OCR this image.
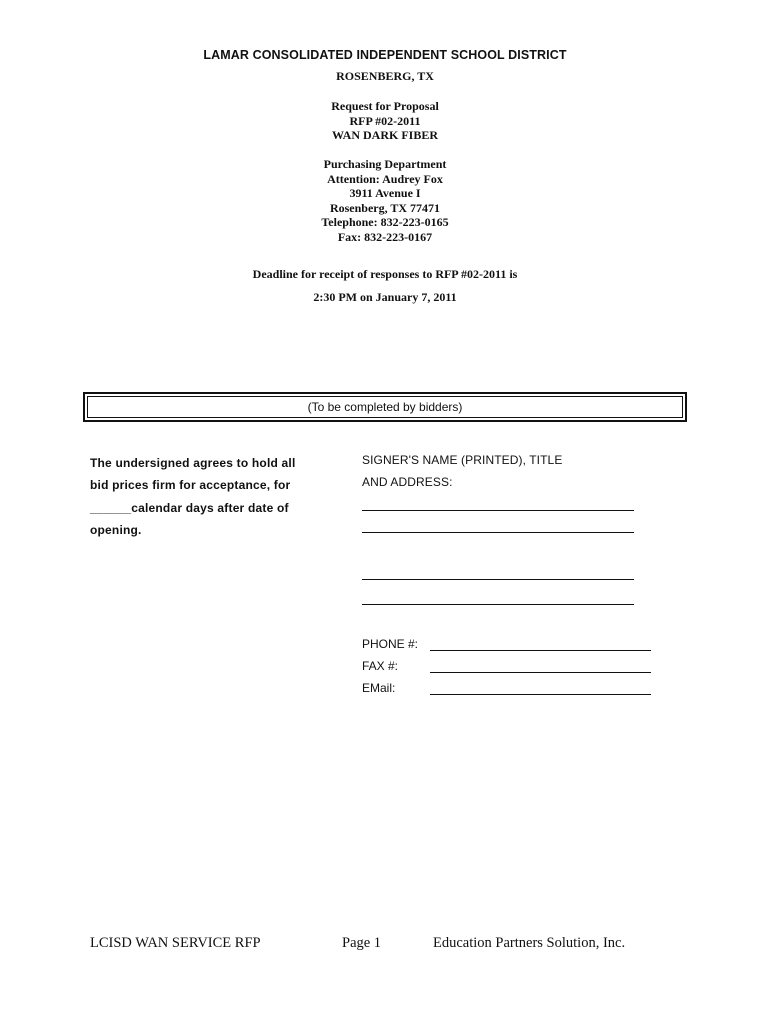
LAMAR CONSOLIDATED INDEPENDENT SCHOOL DISTRICT
ROSENBERG, TX
Request for Proposal
RFP #02-2011
WAN DARK FIBER
Purchasing Department
Attention: Audrey Fox
3911 Avenue I
Rosenberg, TX 77471
Telephone: 832-223-0165
Fax: 832-223-0167
Deadline for receipt of responses to RFP #02-2011 is
2:30 PM on January 7, 2011
(To be completed by bidders)
The undersigned agrees to hold all
bid prices firm for acceptance, for
______calendar days after date of
opening.
SIGNER'S NAME (PRINTED), TITLE
AND ADDRESS:
PHONE #:
FAX #:
EMail:
LCISD WAN SERVICE RFP	Page 1	Education Partners Solution, Inc.
